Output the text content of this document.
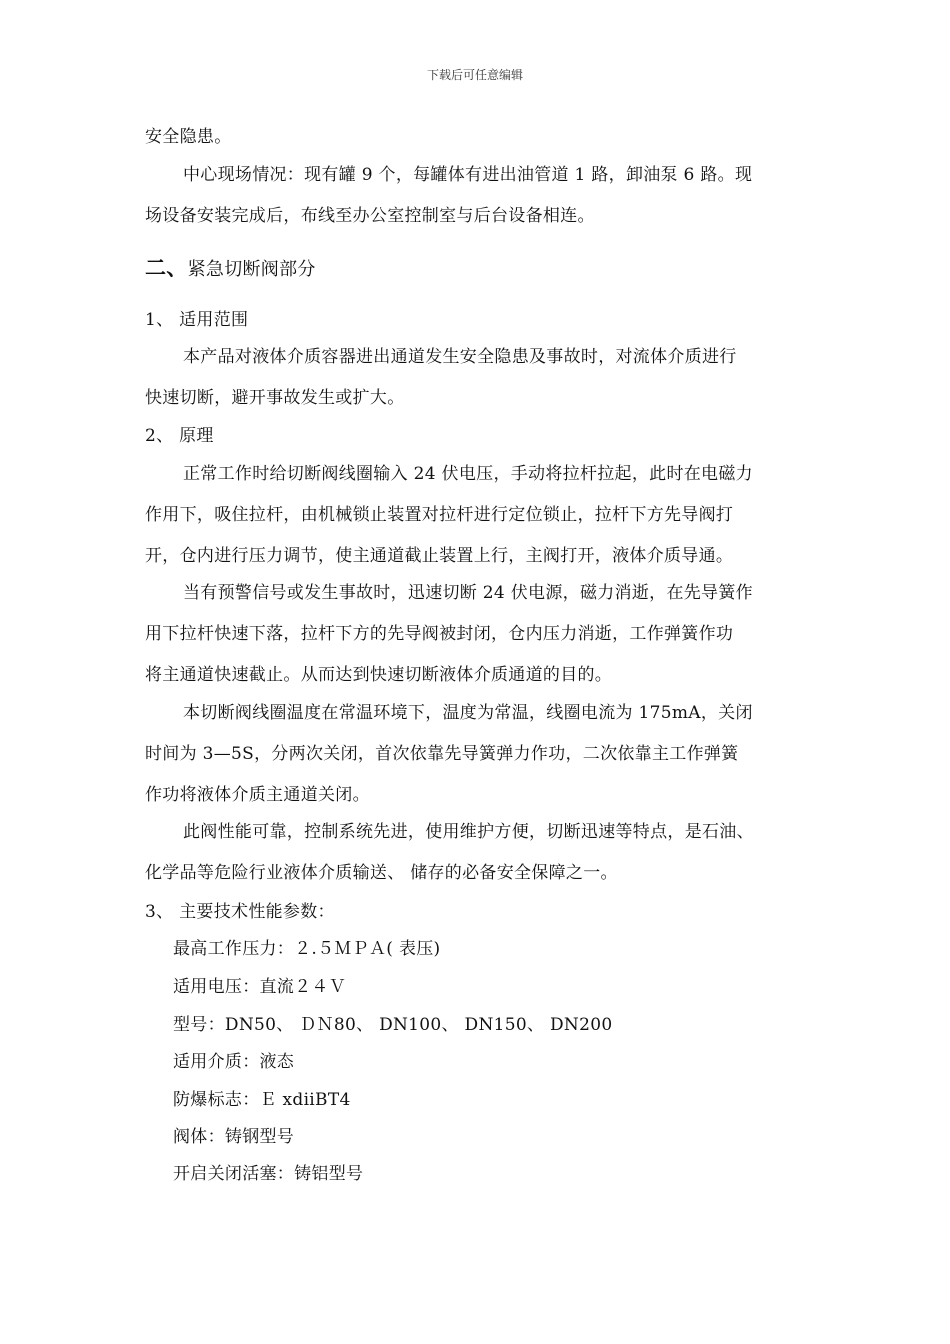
下载后可任意编辑
安全隐患。
中心现场情况：现有罐 9 个，每罐体有进出油管道 1 路，卸油泵 6 路。现
场设备安装完成后，布线至办公室控制室与后台设备相连。
二、紧急切断阀部分
1、 适用范围
本产品对液体介质容器进出通道发生安全隐患及事故时，对流体介质进行
快速切断，避开事故发生或扩大。
2、 原理
正常工作时给切断阀线圈输入 24 伏电压，手动将拉杆拉起，此时在电磁力
作用下，吸住拉杆，由机械锁止装置对拉杆进行定位锁止，拉杆下方先导阀打
开，仓内进行压力调节，使主通道截止装置上行，主阀打开，液体介质导通。
当有预警信号或发生事故时，迅速切断 24 伏电源，磁力消逝，在先导簧作
用下拉杆快速下落，拉杆下方的先导阀被封闭，仓内压力消逝，工作弹簧作功
将主通道快速截止。从而达到快速切断液体介质通道的目的。
本切断阀线圈温度在常温环境下，温度为常温，线圈电流为 175mA，关闭
时间为 3—5S，分两次关闭，首次依靠先导簧弹力作功，二次依靠主工作弹簧
作功将液体介质主通道关闭。
此阀性能可靠，控制系统先进，使用维护方便，切断迅速等特点，是石油、
化学品等危险行业液体介质输送、 储存的必备安全保障之一。
3、 主要技术性能参数：
最高工作压力：２.５ＭＰＡ( 表压)
适用电压：直流２４Ｖ
型号：DN50、 ＤＮ80、 DN100、 DN150、 DN200
适用介质：液态
防爆标志：Ｅ xdiiBT4
阀体：铸钢型号
开启关闭活塞：铸铝型号
